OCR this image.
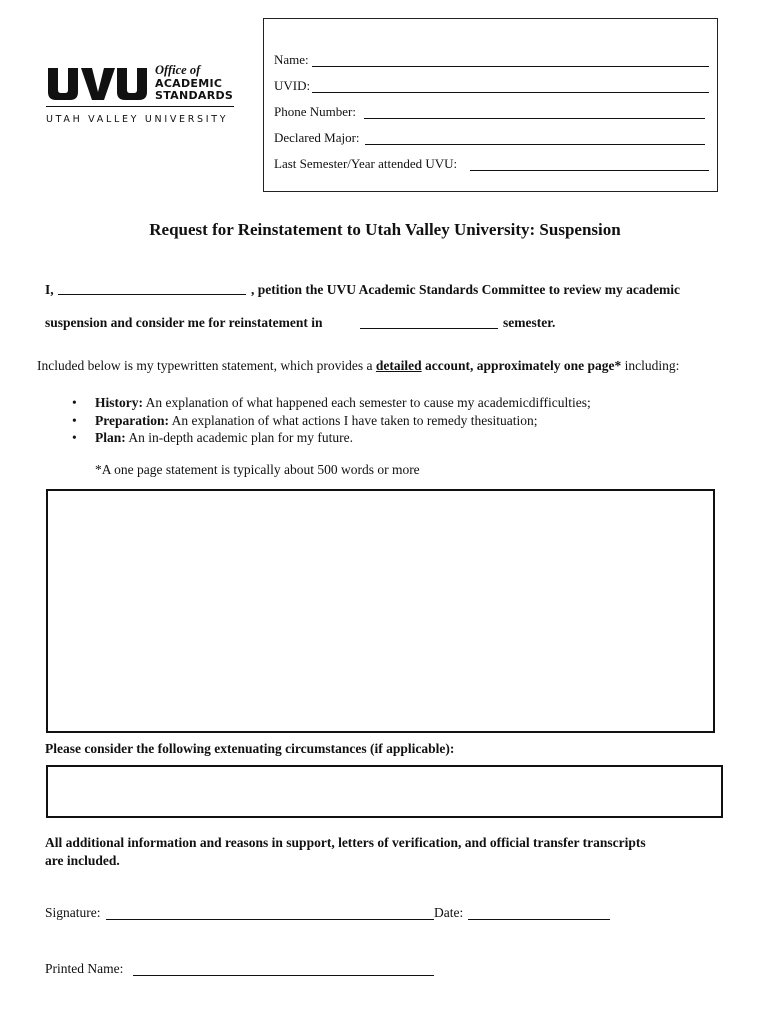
Office of
ACADEMIC
STANDARDS
UTAH VALLEY UNIVERSITY
Name:
UVID:
Phone Number:
Declared Major:
Last Semester/Year attended UVU:
Request for Reinstatement to Utah Valley University: Suspension
I,	, petition the UVU Academic Standards Committee to review my academic
suspension and consider me for reinstatement in	semester.
Included below is my typewritten statement, which provides a detailed account, approximately one page* including:
• History: An explanation of what happened each semester to cause my academicdifficulties;
• Preparation: An explanation of what actions I have taken to remedy thesituation;
• Plan: An in-depth academic plan for my future.
*A one page statement is typically about 500 words or more
Please consider the following extenuating circumstances (if applicable):
All additional information and reasons in support, letters of verification, and official transfer transcripts are included.
Signature:	Date:
Printed Name:
